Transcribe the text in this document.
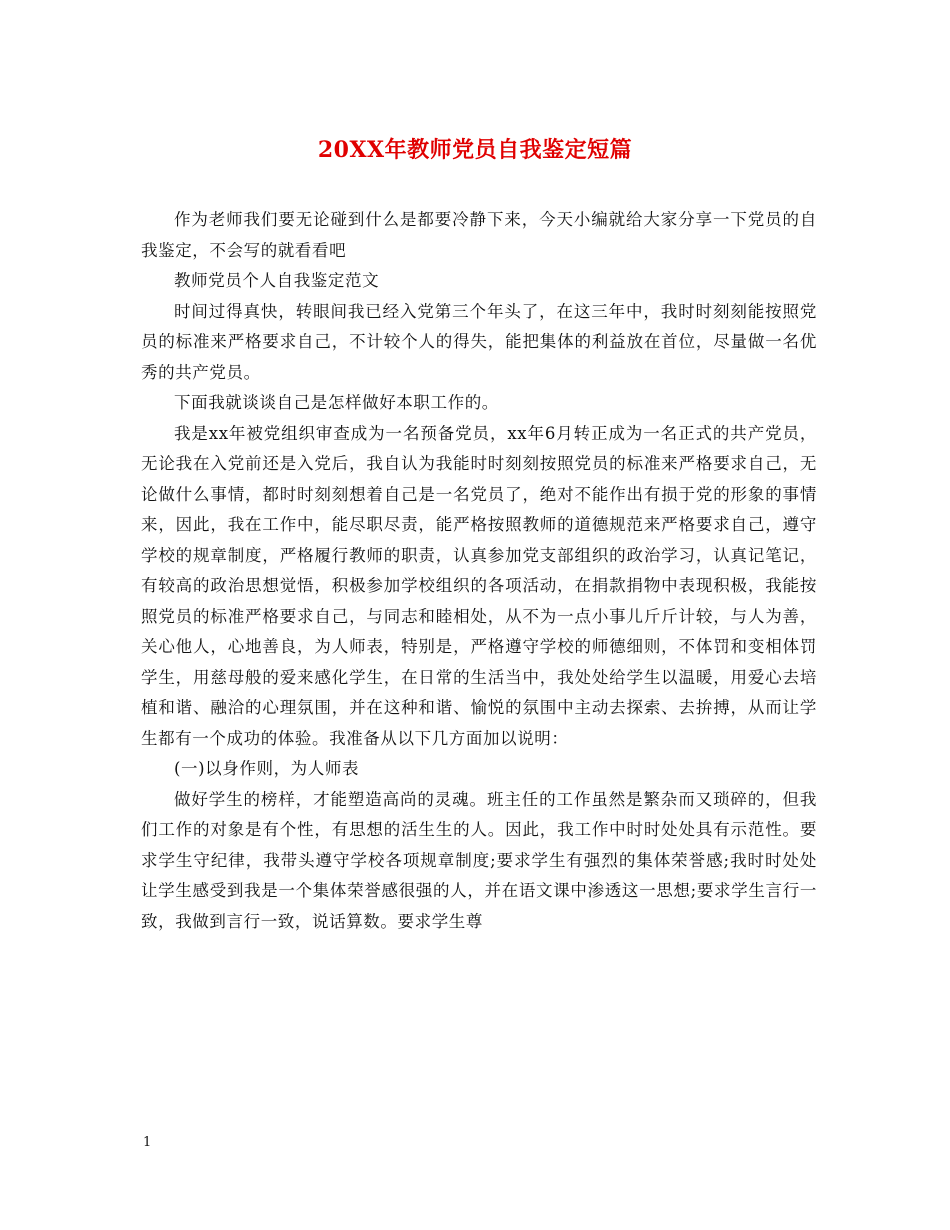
20XX年教师党员自我鉴定短篇

作为老师我们要无论碰到什么是都要冷静下来，今天小编就给大家分享一下党员的自我鉴定，不会写的就看看吧

教师党员个人自我鉴定范文

时间过得真快，转眼间我已经入党第三个年头了，在这三年中，我时时刻刻能按照党员的标准来严格要求自己，不计较个人的得失，能把集体的利益放在首位，尽量做一名优秀的共产党员。

下面我就谈谈自己是怎样做好本职工作的。

我是xx年被党组织审查成为一名预备党员，xx年6月转正成为一名正式的共产党员，无论我在入党前还是入党后，我自认为我能时时刻刻按照党员的标准来严格要求自己，无论做什么事情，都时时刻刻想着自己是一名党员了，绝对不能作出有损于党的形象的事情来，因此，我在工作中，能尽职尽责，能严格按照教师的道德规范来严格要求自己，遵守学校的规章制度，严格履行教师的职责，认真参加党支部组织的政治学习，认真记笔记，有较高的政治思想觉悟，积极参加学校组织的各项活动，在捐款捐物中表现积极，我能按照党员的标准严格要求自己，与同志和睦相处，从不为一点小事儿斤斤计较，与人为善，关心他人，心地善良，为人师表，特别是，严格遵守学校的师德细则，不体罚和变相体罚学生，用慈母般的爱来感化学生，在日常的生活当中，我处处给学生以温暖，用爱心去培植和谐、融洽的心理氛围，并在这种和谐、愉悦的氛围中主动去探索、去拚搏，从而让学生都有一个成功的体验。我准备从以下几方面加以说明：

(一)以身作则，为人师表

做好学生的榜样，才能塑造高尚的灵魂。班主任的工作虽然是繁杂而又琐碎的，但我们工作的对象是有个性，有思想的活生生的人。因此，我工作中时时处处具有示范性。要求学生守纪律，我带头遵守学校各项规章制度;要求学生有强烈的集体荣誉感;我时时处处让学生感受到我是一个集体荣誉感很强的人，并在语文课中渗透这一思想;要求学生言行一致，我做到言行一致，说话算数。要求学生尊

1
